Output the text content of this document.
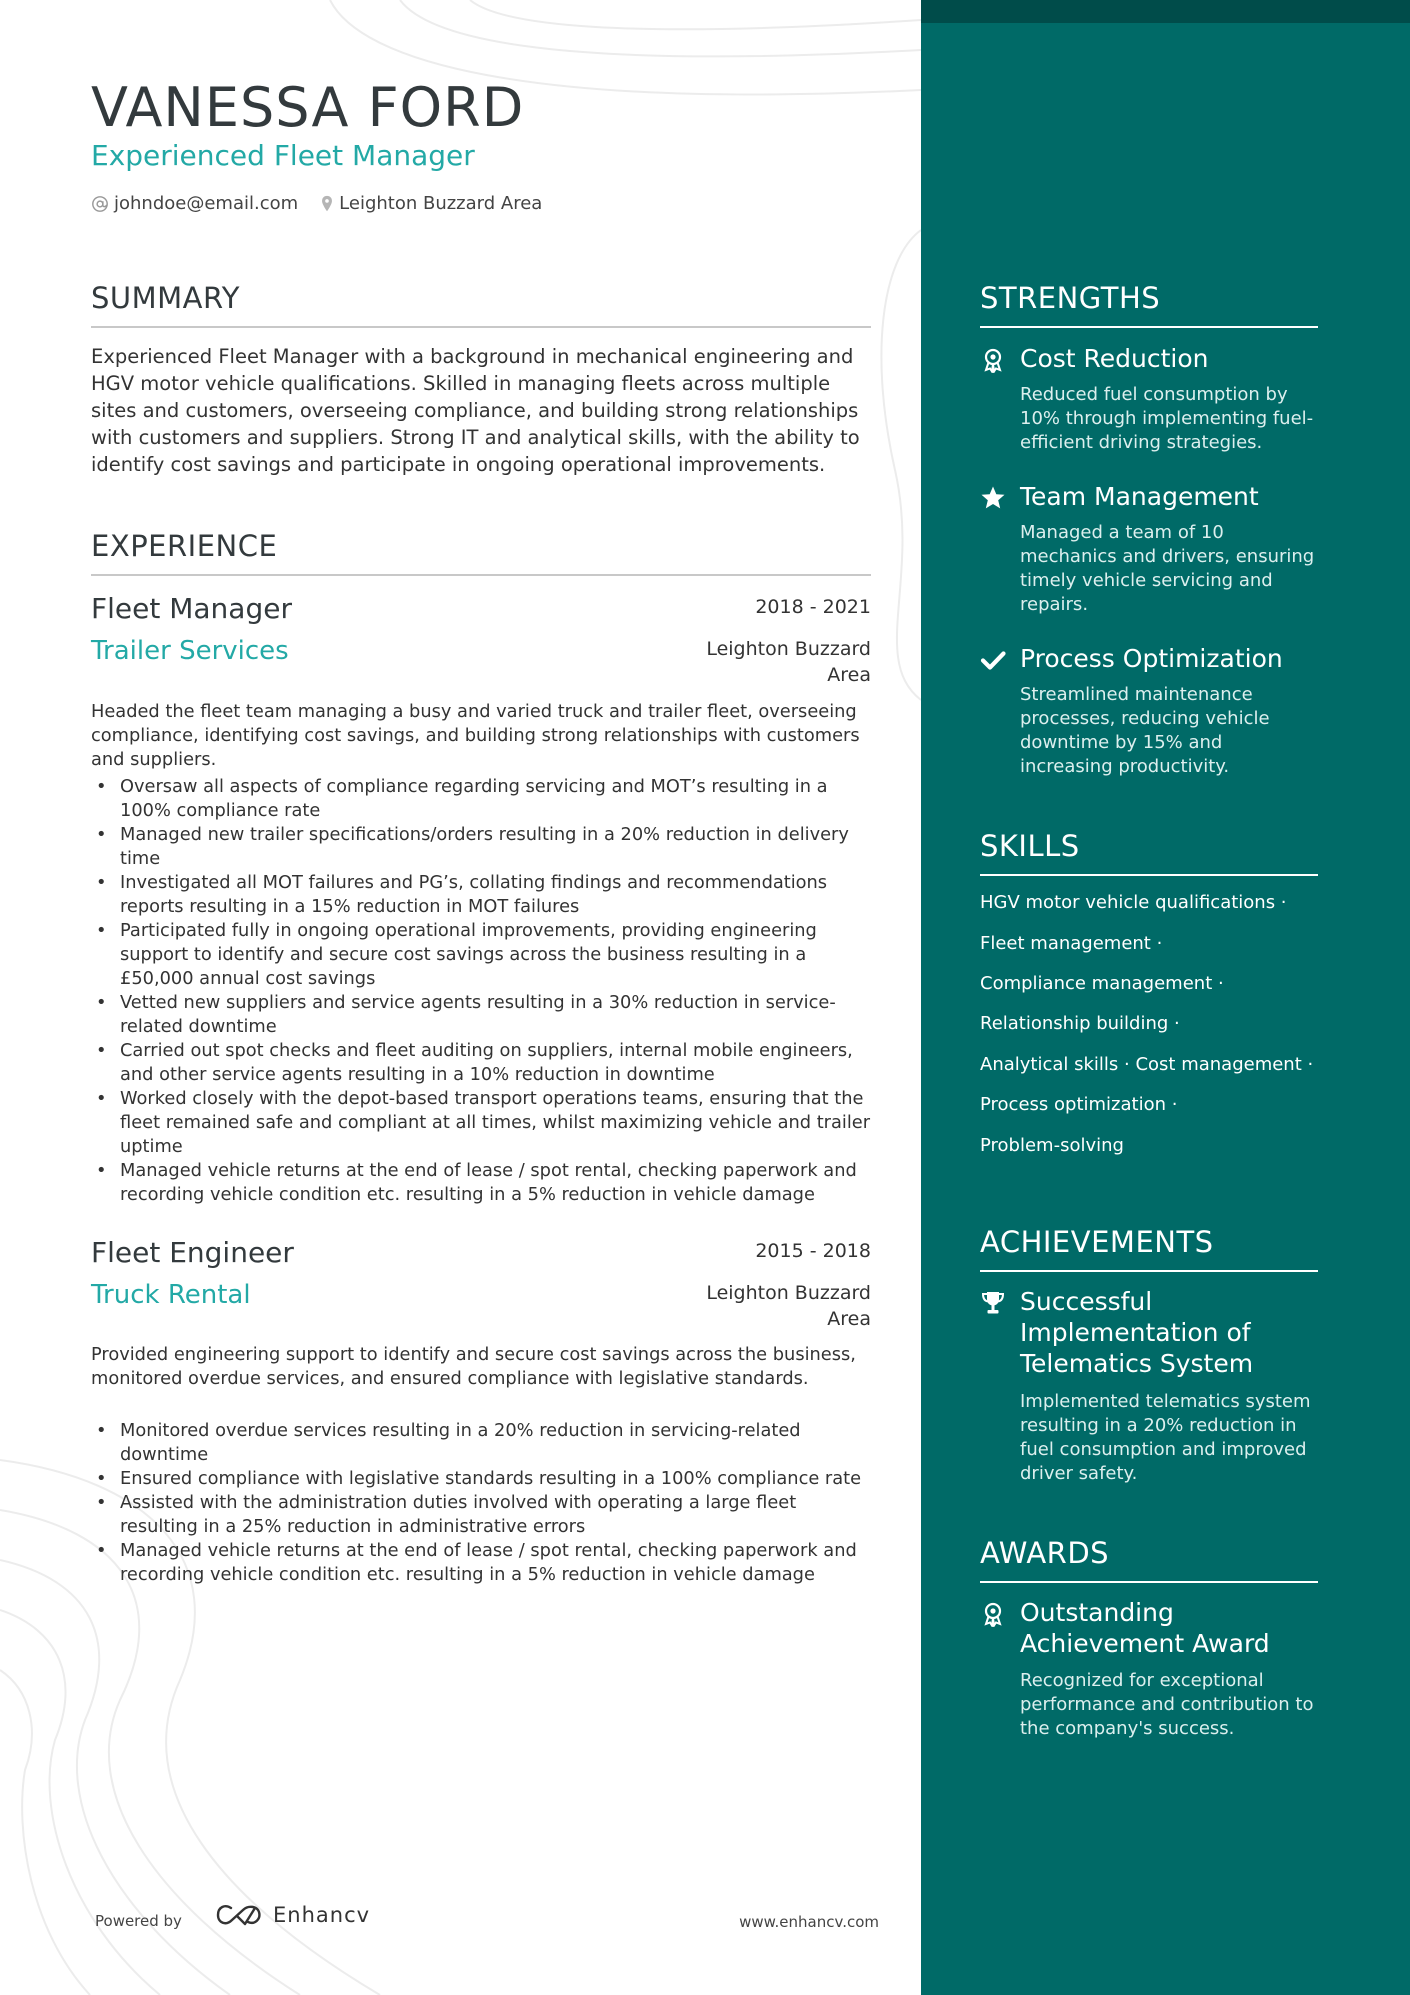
VANESSA FORD
Experienced Fleet Manager
johndoe@email.com Leighton Buzzard Area
SUMMARY
Experienced Fleet Manager with a background in mechanical engineering and HGV motor vehicle qualifications. Skilled in managing fleets across multiple sites and customers, overseeing compliance, and building strong relationships with customers and suppliers. Strong IT and analytical skills, with the ability to identify cost savings and participate in ongoing operational improvements.
EXPERIENCE
Fleet Manager	2018 - 2021
Trailer Services	Leighton Buzzard Area
Headed the fleet team managing a busy and varied truck and trailer fleet, overseeing compliance, identifying cost savings, and building strong relationships with customers and suppliers.
• Oversaw all aspects of compliance regarding servicing and MOT’s resulting in a 100% compliance rate
• Managed new trailer specifications/orders resulting in a 20% reduction in delivery time
• Investigated all MOT failures and PG’s, collating findings and recommendations reports resulting in a 15% reduction in MOT failures
• Participated fully in ongoing operational improvements, providing engineering support to identify and secure cost savings across the business resulting in a £50,000 annual cost savings
• Vetted new suppliers and service agents resulting in a 30% reduction in service-related downtime
• Carried out spot checks and fleet auditing on suppliers, internal mobile engineers, and other service agents resulting in a 10% reduction in downtime
• Worked closely with the depot-based transport operations teams, ensuring that the fleet remained safe and compliant at all times, whilst maximizing vehicle and trailer uptime
• Managed vehicle returns at the end of lease / spot rental, checking paperwork and recording vehicle condition etc. resulting in a 5% reduction in vehicle damage
Fleet Engineer	2015 - 2018
Truck Rental	Leighton Buzzard Area
Provided engineering support to identify and secure cost savings across the business, monitored overdue services, and ensured compliance with legislative standards.
• Monitored overdue services resulting in a 20% reduction in servicing-related downtime
• Ensured compliance with legislative standards resulting in a 100% compliance rate
• Assisted with the administration duties involved with operating a large fleet resulting in a 25% reduction in administrative errors
• Managed vehicle returns at the end of lease / spot rental, checking paperwork and recording vehicle condition etc. resulting in a 5% reduction in vehicle damage
STRENGTHS
Cost Reduction
Reduced fuel consumption by 10% through implementing fuel-efficient driving strategies.
Team Management
Managed a team of 10 mechanics and drivers, ensuring timely vehicle servicing and repairs.
Process Optimization
Streamlined maintenance processes, reducing vehicle downtime by 15% and increasing productivity.
SKILLS
HGV motor vehicle qualifications ·
Fleet management ·
Compliance management ·
Relationship building ·
Analytical skills · Cost management ·
Process optimization ·
Problem-solving
ACHIEVEMENTS
Successful Implementation of Telematics System
Implemented telematics system resulting in a 20% reduction in fuel consumption and improved driver safety.
AWARDS
Outstanding Achievement Award
Recognized for exceptional performance and contribution to the company's success.
Powered by	Enhancv	www.enhancv.com
